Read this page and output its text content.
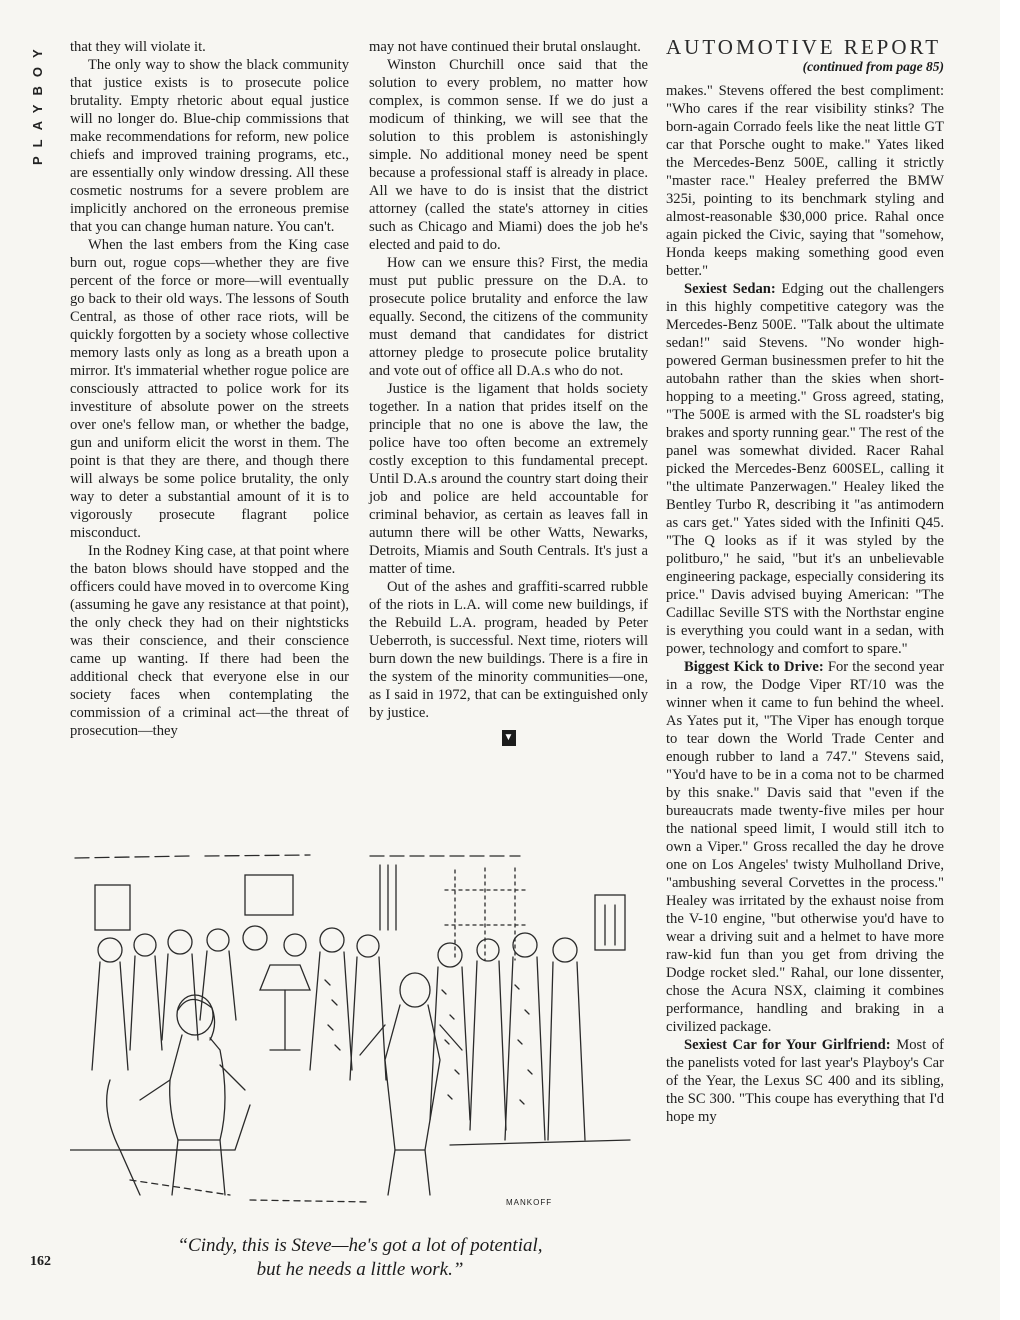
PLAYBOY
162

that they will violate it.

The only way to show the black community that justice exists is to prosecute police brutality. Empty rhetoric about equal justice will no longer do. Blue-chip commissions that make recommendations for reform, new police chiefs and improved training programs, etc., are essentially only window dressing. All these cosmetic nostrums for a severe problem are implicitly anchored on the erroneous premise that you can change human nature. You can't.

When the last embers from the King case burn out, rogue cops—whether they are five percent of the force or more—will eventually go back to their old ways. The lessons of South Central, as those of other race riots, will be quickly forgotten by a society whose collective memory lasts only as long as a breath upon a mirror. It's immaterial whether rogue police are consciously attracted to police work for its investiture of absolute power on the streets over one's fellow man, or whether the badge, gun and uniform elicit the worst in them. The point is that they are there, and though there will always be some police brutality, the only way to deter a substantial amount of it is to vigorously prosecute flagrant police misconduct.

In the Rodney King case, at that point where the baton blows should have stopped and the officers could have moved in to overcome King (assuming he gave any resistance at that point), the only check they had on their nightsticks was their conscience, and their conscience came up wanting. If there had been the additional check that everyone else in our society faces when contemplating the commission of a criminal act—the threat of prosecution—they

may not have continued their brutal onslaught.

Winston Churchill once said that the solution to every problem, no matter how complex, is common sense. If we do just a modicum of thinking, we will see that the solution to this problem is astonishingly simple. No additional money need be spent because a professional staff is already in place. All we have to do is insist that the district attorney (called the state's attorney in cities such as Chicago and Miami) does the job he's elected and paid to do.

How can we ensure this? First, the media must put public pressure on the D.A. to prosecute police brutality and enforce the law equally. Second, the citizens of the community must demand that candidates for district attorney pledge to prosecute police brutality and vote out of office all D.A.s who do not.

Justice is the ligament that holds society together. In a nation that prides itself on the principle that no one is above the law, the police have too often become an extremely costly exception to this fundamental precept. Until D.A.s around the country start doing their job and police are held accountable for criminal behavior, as certain as leaves fall in autumn there will be other Watts, Newarks, Detroits, Miamis and South Centrals. It's just a matter of time.

Out of the ashes and graffiti-scarred rubble of the riots in L.A. will come new buildings, if the Rebuild L.A. program, headed by Peter Ueberroth, is successful. Next time, rioters will burn down the new buildings. There is a fire in the system of the minority communities—one, as I said in 1972, that can be extinguished only by justice.

▼
AUTOMOTIVE REPORT
(continued from page 85)

makes." Stevens offered the best compliment: "Who cares if the rear visibility stinks? The born-again Corrado feels like the neat little GT car that Porsche ought to make." Yates liked the Mercedes-Benz 500E, calling it strictly "master race." Healey preferred the BMW 325i, pointing to its benchmark styling and almost-reasonable $30,000 price. Rahal once again picked the Civic, saying that "somehow, Honda keeps making something good even better."

Sexiest Sedan: Edging out the challengers in this highly competitive category was the Mercedes-Benz 500E. "Talk about the ultimate sedan!" said Stevens. "No wonder high-powered German businessmen prefer to hit the autobahn rather than the skies when short-hopping to a meeting." Gross agreed, stating, "The 500E is armed with the SL roadster's big brakes and sporty running gear." The rest of the panel was somewhat divided. Racer Rahal picked the Mercedes-Benz 600SEL, calling it "the ultimate Panzerwagen." Healey liked the Bentley Turbo R, describing it "as antimodern as cars get." Yates sided with the Infiniti Q45. "The Q looks as if it was styled by the politburo," he said, "but it's an unbelievable engineering package, especially considering its price." Davis advised buying American: "The Cadillac Seville STS with the Northstar engine is everything you could want in a sedan, with power, technology and comfort to spare."

Biggest Kick to Drive: For the second year in a row, the Dodge Viper RT/10 was the winner when it came to fun behind the wheel. As Yates put it, "The Viper has enough torque to tear down the World Trade Center and enough rubber to land a 747." Stevens said, "You'd have to be in a coma not to be charmed by this snake." Davis said that "even if the bureaucrats made twenty-five miles per hour the national speed limit, I would still itch to own a Viper." Gross recalled the day he drove one on Los Angeles' twisty Mulholland Drive, "ambushing several Corvettes in the process." Healey was irritated by the exhaust noise from the V-10 engine, "but otherwise you'd have to wear a driving suit and a helmet to have more raw-kid fun than you get from driving the Dodge rocket sled." Rahal, our lone dissenter, chose the Acura NSX, claiming it combines performance, handling and braking in a civilized package.

Sexiest Car for Your Girlfriend: Most of the panelists voted for last year's Playboy's Car of the Year, the Lexus SC 400 and its sibling, the SC 300. "This coupe has everything that I'd hope my

MANKOFF
“Cindy, this is Steve—he's got a lot of potential,
but he needs a little work.”
